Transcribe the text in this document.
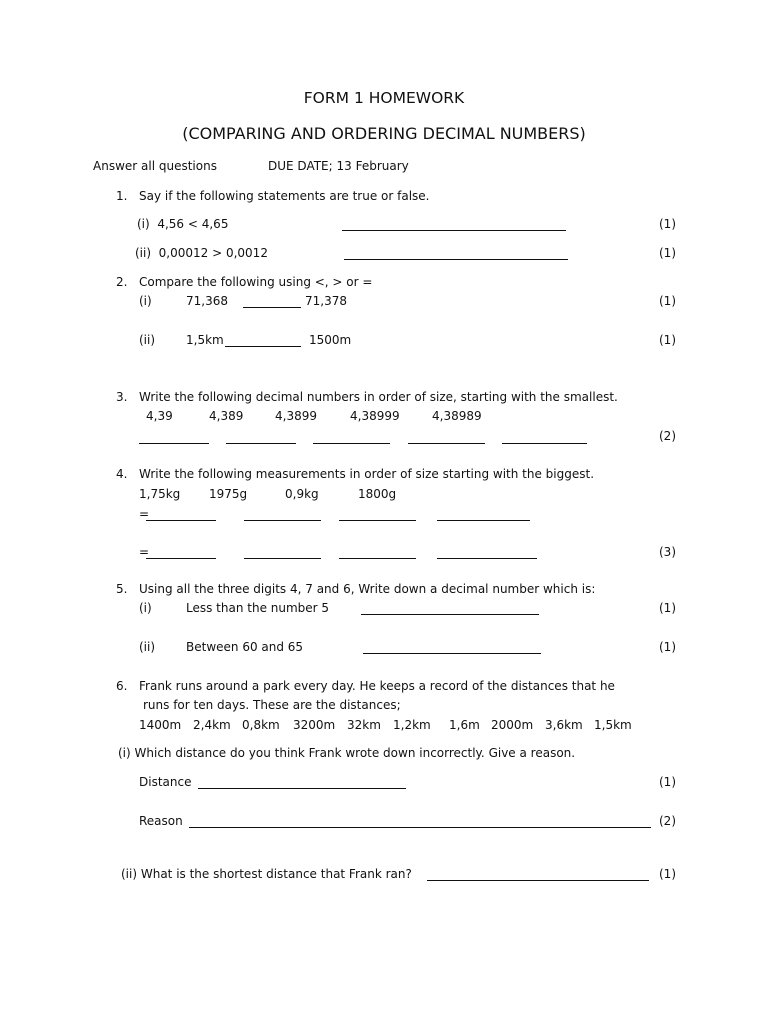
FORM 1 HOMEWORK
(COMPARING AND ORDERING DECIMAL NUMBERS)
Answer all questions	DUE DATE; 13 February
1. Say if the following statements are true or false.
(i)  4,56 < 4,65	(1)
(ii)  0,00012 > 0,0012	(1)
2. Compare the following using <, > or =
(i)	71,368	71,378	(1)
(ii)	1,5km	1500m	(1)
3. Write the following decimal numbers in order of size, starting with the smallest.
4,39	4,389	4,3899	4,38999	4,38989
(2)
4. Write the following measurements in order of size starting with the biggest.
1,75kg 1975g	0,9kg	1800g
=
=	(3)
5. Using all the three digits 4, 7 and 6, Write down a decimal number which is:
(i)	Less than the number 5	(1)
(ii)	Between 60 and 65	(1)
6. Frank runs around a park every day. He keeps a record of the distances that he
runs for ten days. These are the distances;
1400m 2,4km 0,8km 3200m 32km 1,2km 1,6m 2000m 3,6km 1,5km
(i) Which distance do you think Frank wrote down incorrectly. Give a reason.
Distance	(1)
Reason	(2)
(ii) What is the shortest distance that Frank ran?	(1)
